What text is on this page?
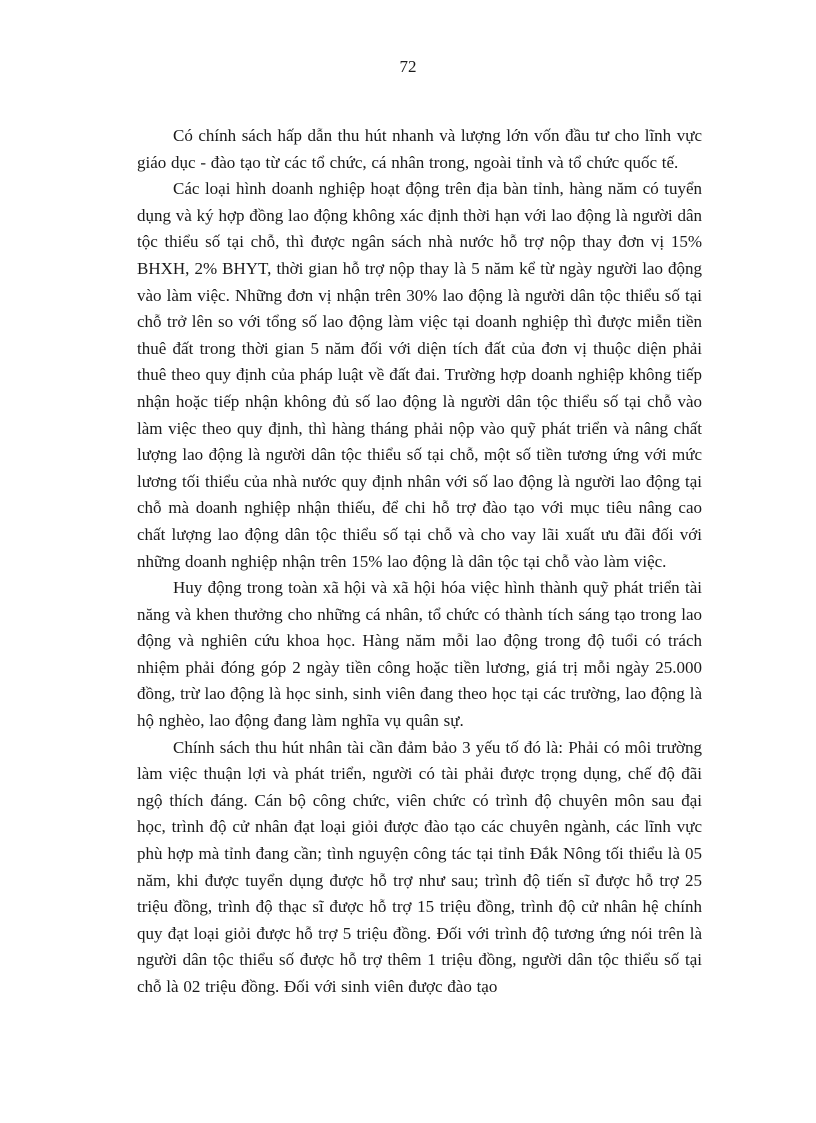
72

Có chính sách hấp dẫn thu hút nhanh và lượng lớn vốn đầu tư cho lĩnh vực giáo dục - đào tạo từ các tổ chức, cá nhân trong, ngoài tỉnh và tổ chức quốc tế.

Các loại hình doanh nghiệp hoạt động trên địa bàn tỉnh, hàng năm có tuyển dụng và ký hợp đồng lao động không xác định thời hạn với lao động là người dân tộc thiểu số tại chỗ, thì được ngân sách nhà nước hỗ trợ nộp thay đơn vị 15% BHXH, 2% BHYT, thời gian hỗ trợ nộp thay là 5 năm kể từ ngày người lao động vào làm việc. Những đơn vị nhận trên 30% lao động là người dân tộc thiểu số tại chỗ trở lên so với tổng số lao động làm việc tại doanh nghiệp thì được miễn tiền thuê đất trong thời gian 5 năm đối với diện tích đất của đơn vị thuộc diện phải thuê theo quy định của pháp luật về đất đai. Trường hợp doanh nghiệp không tiếp nhận hoặc tiếp nhận không đủ số lao động là người dân tộc thiểu số tại chỗ vào làm việc theo quy định, thì hàng tháng phải nộp vào quỹ phát triển và nâng chất lượng lao động là người dân tộc thiểu số tại chỗ, một số tiền tương ứng với mức lương tối thiểu của nhà nước quy định nhân với số lao động là người lao động tại chỗ mà doanh nghiệp nhận thiếu, để chi hỗ trợ đào tạo với mục tiêu nâng cao chất lượng lao động dân tộc thiểu số tại chỗ và cho vay lãi xuất ưu đãi đối với những doanh nghiệp nhận trên 15% lao động là dân tộc tại chỗ vào làm việc.

Huy động trong toàn xã hội và xã hội hóa việc hình thành quỹ phát triển tài năng và khen thưởng cho những cá nhân, tổ chức có thành tích sáng tạo trong lao động và nghiên cứu khoa học. Hàng năm mỗi lao động trong độ tuổi có trách nhiệm phải đóng góp 2 ngày tiền công hoặc tiền lương, giá trị mỗi ngày 25.000 đồng, trừ lao động là học sinh, sinh viên đang theo học tại các trường, lao động là hộ nghèo, lao động đang làm nghĩa vụ quân sự.

Chính sách thu hút nhân tài cần đảm bảo 3 yếu tố đó là: Phải có môi trường làm việc thuận lợi và phát triển, người có tài phải được trọng dụng, chế độ đãi ngộ thích đáng. Cán bộ công chức, viên chức có trình độ chuyên môn sau đại học, trình độ cử nhân đạt loại giỏi được đào tạo các chuyên ngành, các lĩnh vực phù hợp mà tỉnh đang cần; tình nguyện công tác tại tỉnh Đắk Nông tối thiểu là 05 năm, khi được tuyển dụng được hỗ trợ như sau; trình độ tiến sĩ được hỗ trợ 25 triệu đồng, trình độ thạc sĩ được hỗ trợ 15 triệu đồng, trình độ cử nhân hệ chính quy đạt loại giỏi được hỗ trợ 5 triệu đồng. Đối với trình độ tương ứng nói trên là người dân tộc thiểu số được hỗ trợ thêm 1 triệu đồng, người dân tộc thiểu số tại chỗ là 02 triệu đồng. Đối với sinh viên được đào tạo
